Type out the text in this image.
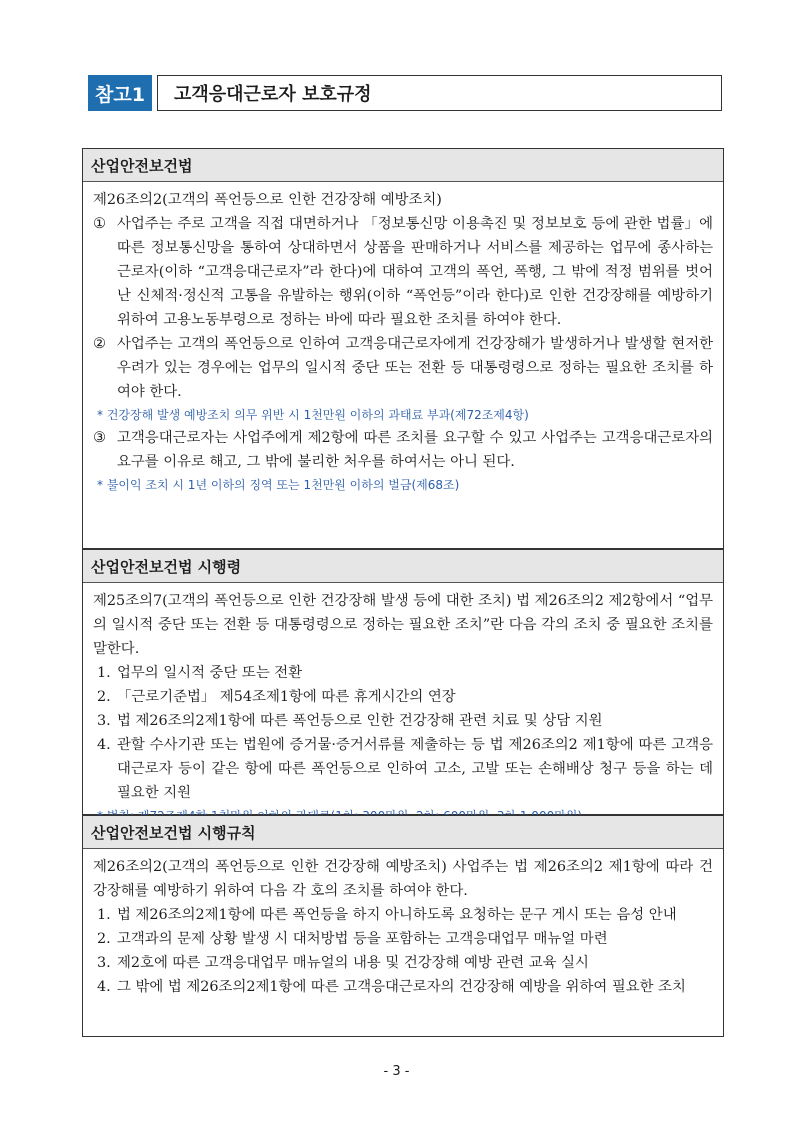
참고1	고객응대근로자 보호규정
산업안전보건법

제26조의2(고객의 폭언등으로 인한 건강장해 예방조치)

① 사업주는 주로 고객을 직접 대면하거나 「정보통신망 이용촉진 및 정보보호 등에 관한 법률」에 따른 정보통신망을 통하여 상대하면서 상품을 판매하거나 서비스를 제공하는 업무에 종사하는 근로자(이하 “고객응대근로자”라 한다)에 대하여 고객의 폭언, 폭행, 그 밖에 적정 범위를 벗어난 신체적·정신적 고통을 유발하는 행위(이하 “폭언등”이라 한다)로 인한 건강장해를 예방하기 위하여 고용노동부령으로 정하는 바에 따라 필요한 조치를 하여야 한다.
② 사업주는 고객의 폭언등으로 인하여 고객응대근로자에게 건강장해가 발생하거나 발생할 현저한 우려가 있는 경우에는 업무의 일시적 중단 또는 전환 등 대통령령으로 정하는 필요한 조치를 하여야 한다.
* 건강장해 발생 예방조치 의무 위반 시 1천만원 이하의 과태료 부과(제72조제4항)
③ 고객응대근로자는 사업주에게 제2항에 따른 조치를 요구할 수 있고 사업주는 고객응대근로자의 요구를 이유로 해고, 그 밖에 불리한 처우를 하여서는 아니 된다.
* 불이익 조치 시 1년 이하의 징역 또는 1천만원 이하의 벌금(제68조)
산업안전보건법 시행령

제25조의7(고객의 폭언등으로 인한 건강장해 발생 등에 대한 조치) 법 제26조의2 제2항에서 “업무의 일시적 중단 또는 전환 등 대통령령으로 정하는 필요한 조치”란 다음 각의 조치 중 필요한 조치를 말한다.

1. 업무의 일시적 중단 또는 전환
2. 「근로기준법」 제54조제1항에 따른 휴게시간의 연장
3. 법 제26조의2제1항에 따른 폭언등으로 인한 건강장해 관련 치료 및 상담 지원
4. 관할 수사기관 또는 법원에 증거물·증거서류를 제출하는 등 법 제26조의2 제1항에 따른 고객응대근로자 등이 같은 항에 따른 폭언등으로 인하여 고소, 고발 또는 손해배상 청구 등을 하는 데 필요한 지원
산업안전보건법 시행규칙

제26조의2(고객의 폭언등으로 인한 건강장해 예방조치) 사업주는 법 제26조의2 제1항에 따라 건강장해를 예방하기 위하여 다음 각 호의 조치를 하여야 한다.

1. 법 제26조의2제1항에 따른 폭언등을 하지 아니하도록 요청하는 문구 게시 또는 음성 안내
2. 고객과의 문제 상황 발생 시 대처방법 등을 포함하는 고객응대업무 매뉴얼 마련
3. 제2호에 따른 고객응대업무 매뉴얼의 내용 및 건강장해 예방 관련 교육 실시
4. 그 밖에 법 제26조의2제1항에 따른 고객응대근로자의 건강장해 예방을 위하여 필요한 조치
- 3 -
